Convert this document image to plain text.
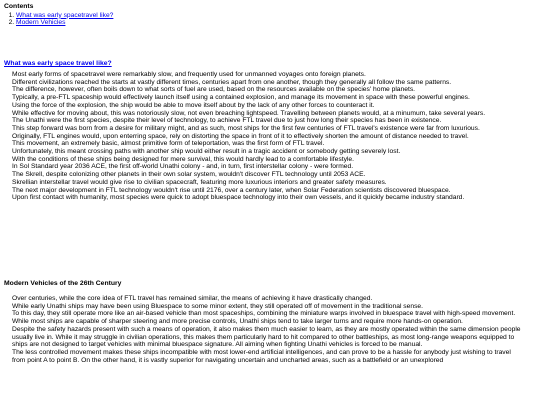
Contents
1. What was early spacetravel like?
2. Modern Vehicles
What was early space travel like?

Most early forms of spacetravel were remarkably slow, and frequently used for unmanned voyages onto foreign planets.

Different civilizations reached the starts at vastly different times, centuries apart from one another, though they generally all follow the same patterns.

The difference, however, often boils down to what sorts of fuel are used, based on the resources available on the species' home planets.

Typically, a pre-FTL spaceship would effectively launch itself using a contained explosion, and manage its movement in space with these powerful engines.

Using the force of the explosion, the ship would be able to move itself about by the lack of any other forces to counteract it.

While effective for moving about, this was notoriously slow, not even breaching lightspeed. Travelling between planets would, at a minumum, take several years.

The Unathi were the first species, despite their level of technology, to achieve FTL travel due to just how long their species has been in existence.

This step forward was born from a desire for military might, and as such, most ships for the first few centuries of FTL travel's existence were far from luxurious.

Originally, FTL engines would, upon enterring space, rely on distorting the space in front of it to effectively shorten the amount of distance needed to travel.

This movement, an extremely basic, almost primitive form of teleportation, was the first form of FTL travel.

Unfortunately, this meant crossing paths with another ship would either result in a tragic accident or somebody getting severely lost.

With the conditions of these ships being designed for mere survival, this would hardly lead to a comfortable lifestyle.

In Sol Standard year 2036 ACE, the first off-world Unathi colony - and, in turn, first interstellar colony - were formed.

The Skrell, despite colonizing other planets in their own solar system, wouldn't discover FTL technology until 2053 ACE.

Skrellian interstellar travel would give rise to civilian spacecraft, featuring more luxurious interiors and greater safety measures.

The next major development in FTL technology wouldn't rise until 2176, over a century later, when Solar Federation scientists discovered bluespace.

Upon first contact with humanity, most species were quick to adopt bluespace technology into their own vessels, and it quickly became industry standard.

Modern Vehicles of the 26th Century

Over centuries, while the core idea of FTL travel has remained similar, the means of achieving it have drastically changed.

While early Unathi ships may have been using Bluespace to some minor extent, they still operated off of movement in the traditional sense.

To this day, they still operate more like an air-based vehicle than most spaceships, combining the miniature warps involved in bluespace travel with high-speed movement.

While most ships are capable of sharper steering and more precise controls, Unathi ships tend to take larger turns and require more hands-on operation.

Despite the safety hazards present with such a means of operation, it also makes them much easier to learn, as they are mostly operated within the same dimension people

usually live in. While it may struggle in civilian operations, this makes them particularly hard to hit compared to other battleships, as most long-range weapons equipped to

ships are not designed to target vehicles with minimal bluespace signature. All aiming when fighting Unathi vehicles is forced to be manual.

The less controlled movement makes these ships incompatible with most lower-end artificial intelligences, and can prove to be a hassle for anybody just wishing to travel

from point A to point B. On the other hand, it is vastly superior for navigating uncertain and uncharted areas, such as a battlefield or an unexplored
